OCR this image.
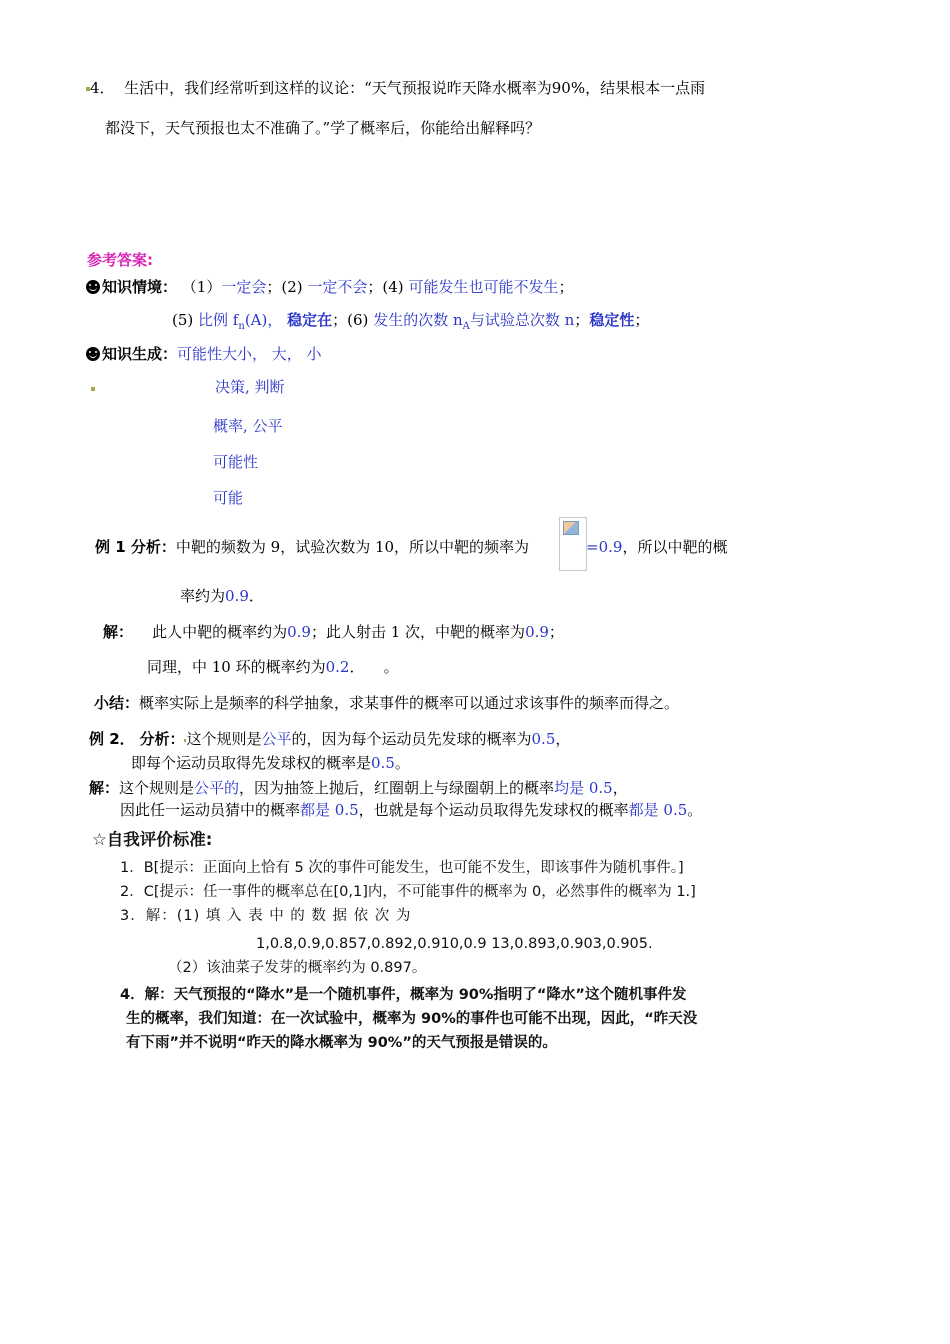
4． 生活中，我们经常听到这样的议论：“天气预报说昨天降水概率为90%，结果根本一点雨
都没下，天气预报也太不准确了。”学了概率后，你能给出解释吗？
参考答案:
知识情境： （1）一定会；(2) 一定不会；(4) 可能发生也可能不发生；
(5) 比例 $f_n(A)$， 稳定在；(6) 发生的次数 $n_A$与试验总次数 n；稳定性；
知识生成：可能性大小， 大， 小
决策, 判断
概率, 公平
可能性
可能
例 1 分析：中靶的频数为 9，试验次数为 10，所以中靶的频率为	=0.9，所以中靶的概
率约为0.9．
解： 此人中靶的概率约为0.9；此人射击 1 次，中靶的概率为0.9；
同理，中 10 环的概率约为0.2． 。
小结：概率实际上是频率的科学抽象，求某事件的概率可以通过求该事件的频率而得之。
例 2． 分析： 这个规则是公平的，因为每个运动员先发球的概率为0.5，
即每个运动员取得先发球权的概率是0.5。
解：这个规则是公平的，因为抽签上抛后，红圈朝上与绿圈朝上的概率均是 0.5，
因此任一运动员猜中的概率都是 0.5，也就是每个运动员取得先发球权的概率都是 0.5。
☆自我评价标准:
1．B[提示：正面向上恰有 5 次的事件可能发生，也可能不发生，即该事件为随机事件。]
2．C[提示：任一事件的概率总在[0,1]内，不可能事件的概率为 0，必然事件的概率为 1.]
3．解：(1) 填 入 表 中 的 数 据 依 次 为
1,0.8,0.9,0.857,0.892,0.910,0.9 13,0.893,0.903,0.905.
（2）该油菜子发芽的概率约为 0.897。
4．解：天气预报的“降水”是一个随机事件，概率为 90%指明了“降水”这个随机事件发
生的概率，我们知道：在一次试验中，概率为 90%的事件也可能不出现，因此，“昨天没
有下雨”并不说明“昨天的降水概率为 90%”的天气预报是错误的。
